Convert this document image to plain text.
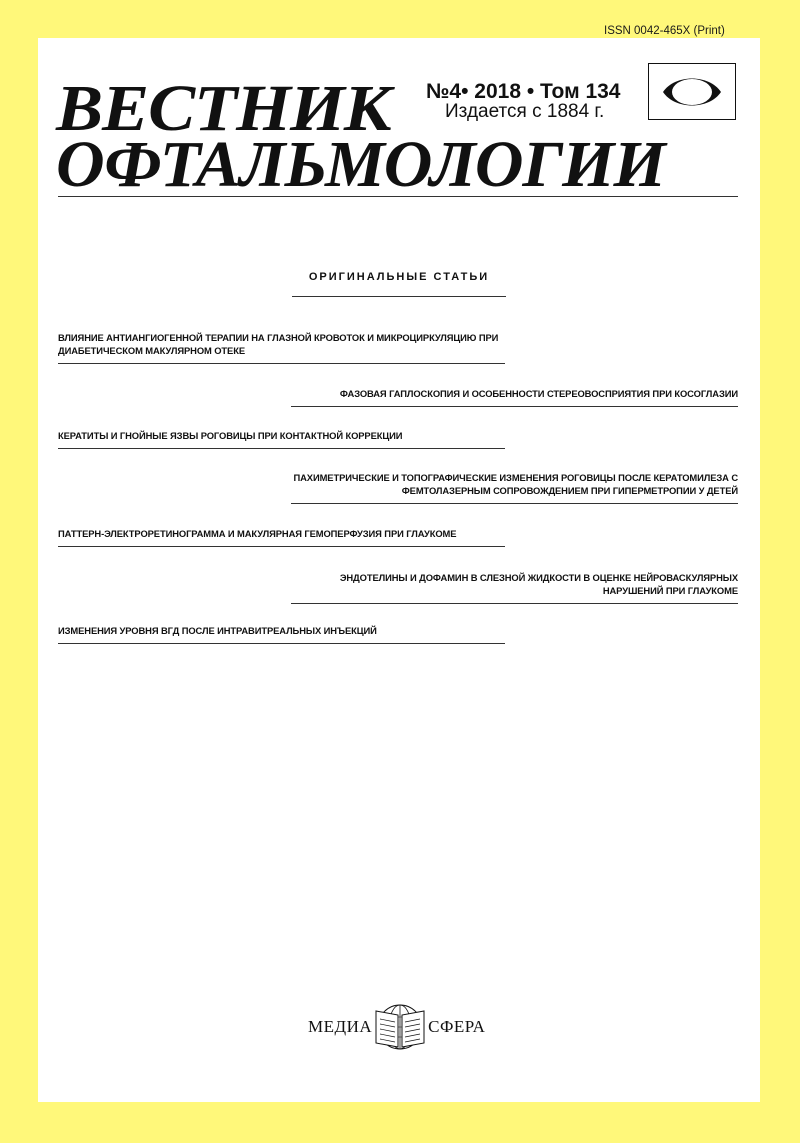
ISSN 0042-465X (Print)
ВЕСТНИК
ОФТАЛЬМОЛОГИИ
№4• 2018 • Том 134
Издается с 1884 г.
ОРИГИНАЛЬНЫЕ СТАТЬИ
ВЛИЯНИЕ АНТИАНГИОГЕННОЙ ТЕРАПИИ НА ГЛАЗНОЙ КРОВОТОК И МИКРОЦИРКУЛЯЦИЮ ПРИ ДИАБЕТИЧЕСКОМ МАКУЛЯРНОМ ОТЕКЕ
ФАЗОВАЯ ГАПЛОСКОПИЯ И ОСОБЕННОСТИ СТЕРЕОВОСПРИЯТИЯ ПРИ КОСОГЛАЗИИ
КЕРАТИТЫ И ГНОЙНЫЕ ЯЗВЫ РОГОВИЦЫ ПРИ КОНТАКТНОЙ КОРРЕКЦИИ
ПАХИМЕТРИЧЕСКИЕ И ТОПОГРАФИЧЕСКИЕ ИЗМЕНЕНИЯ РОГОВИЦЫ ПОСЛЕ КЕРАТОМИЛЕЗА С ФЕМТОЛАЗЕРНЫМ СОПРОВОЖДЕНИЕМ ПРИ ГИПЕРМЕТРОПИИ У ДЕТЕЙ
ПАТТЕРН-ЭЛЕКТРОРЕТИНОГРАММА И МАКУЛЯРНАЯ ГЕМОПЕРФУЗИЯ ПРИ ГЛАУКОМЕ
ЭНДОТЕЛИНЫ И ДОФАМИН В СЛЕЗНОЙ ЖИДКОСТИ В ОЦЕНКЕ НЕЙРОВАСКУЛЯРНЫХ НАРУШЕНИЙ ПРИ ГЛАУКОМЕ
ИЗМЕНЕНИЯ УРОВНЯ ВГД ПОСЛЕ ИНТРАВИТРЕАЛЬНЫХ ИНЪЕКЦИЙ
МЕДИА	СФЕРА
